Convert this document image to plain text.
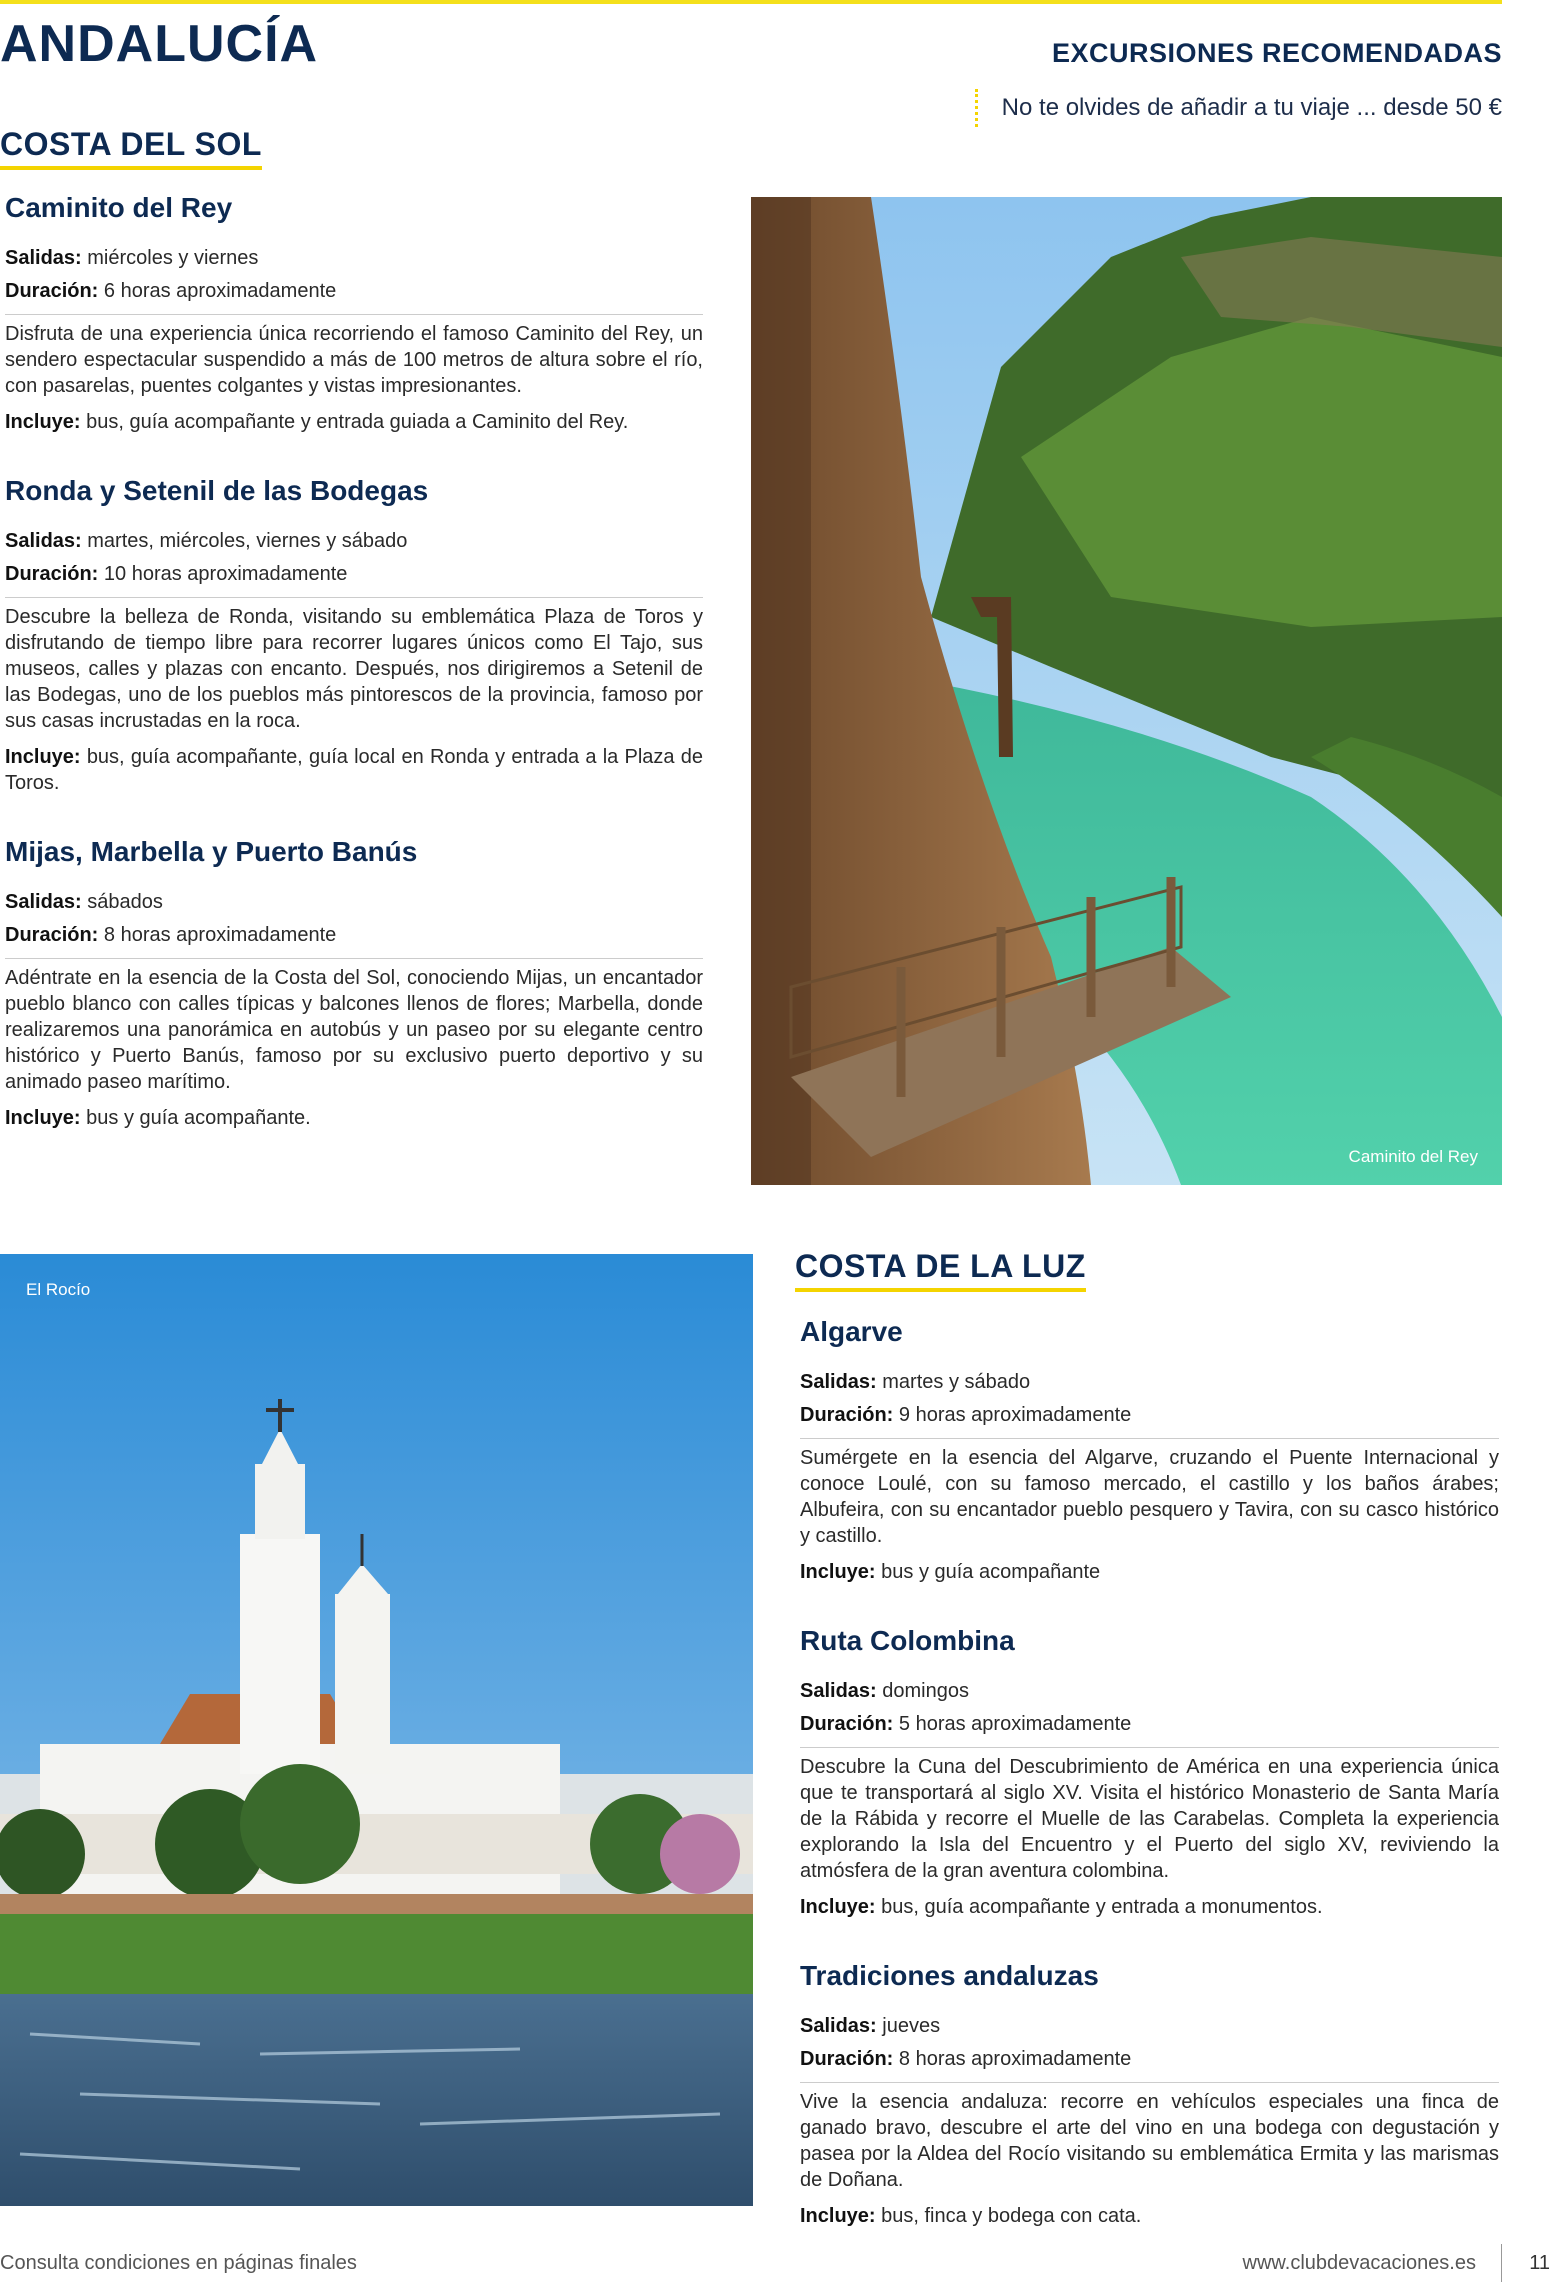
ANDALUCÍA	EXCURSIONES RECOMENDADAS
No te olvides de añadir a tu viaje ... desde 50 €
COSTA DEL SOL
Caminito del Rey
Salidas: miércoles y viernes
Duración: 6 horas aproximadamente
Disfruta de una experiencia única recorriendo el famoso Caminito del Rey, un sendero espectacular suspendido a más de 100 metros de altura sobre el río, con pasarelas, puentes colgantes y vistas impresionantes.
Incluye: bus, guía acompañante y entrada guiada a Caminito del Rey.
Ronda y Setenil de las Bodegas
Salidas: martes, miércoles, viernes y sábado
Duración: 10 horas aproximadamente
Descubre la belleza de Ronda, visitando su emblemática Plaza de Toros y disfrutando de tiempo libre para recorrer lugares únicos como El Tajo, sus museos, calles y plazas con encanto. Después, nos dirigiremos a Setenil de las Bodegas, uno de los pueblos más pintorescos de la provincia, famoso por sus casas incrustadas en la roca.
Incluye: bus, guía acompañante, guía local en Ronda y entrada a la Plaza de Toros.
Mijas, Marbella y Puerto Banús
Salidas: sábados
Duración: 8 horas aproximadamente
Adéntrate en la esencia de la Costa del Sol, conociendo Mijas, un encantador pueblo blanco con calles típicas y balcones llenos de flores; Marbella, donde realizaremos una panorámica en autobús y un paseo por su elegante centro histórico y Puerto Banús, famoso por su exclusivo puerto deportivo y su animado paseo marítimo.
Incluye: bus y guía acompañante.
Caminito del Rey
El Rocío
COSTA DE LA LUZ
Algarve
Salidas: martes y sábado
Duración: 9 horas aproximadamente
Sumérgete en la esencia del Algarve, cruzando el Puente Internacional y conoce Loulé, con su famoso mercado, el castillo y los baños árabes; Albufeira, con su encantador pueblo pesquero y Tavira, con su casco histórico y castillo.
Incluye: bus y guía acompañante
Ruta Colombina
Salidas: domingos
Duración: 5 horas aproximadamente
Descubre la Cuna del Descubrimiento de América en una experiencia única que te transportará al siglo XV. Visita el histórico Monasterio de Santa María de la Rábida y recorre el Muelle de las Carabelas. Completa la experiencia explorando la Isla del Encuentro y el Puerto del siglo XV, reviviendo la atmósfera de la gran aventura colombina.
Incluye: bus, guía acompañante y entrada a monumentos.
Tradiciones andaluzas
Salidas: jueves
Duración: 8 horas aproximadamente
Vive la esencia andaluza: recorre en vehículos especiales una finca de ganado bravo, descubre el arte del vino en una bodega con degustación y pasea por la Aldea del Rocío visitando su emblemática Ermita y las marismas de Doñana.
Incluye: bus, finca y bodega con cata.
Consulta condiciones en páginas finales	www.clubdevacaciones.es	11
